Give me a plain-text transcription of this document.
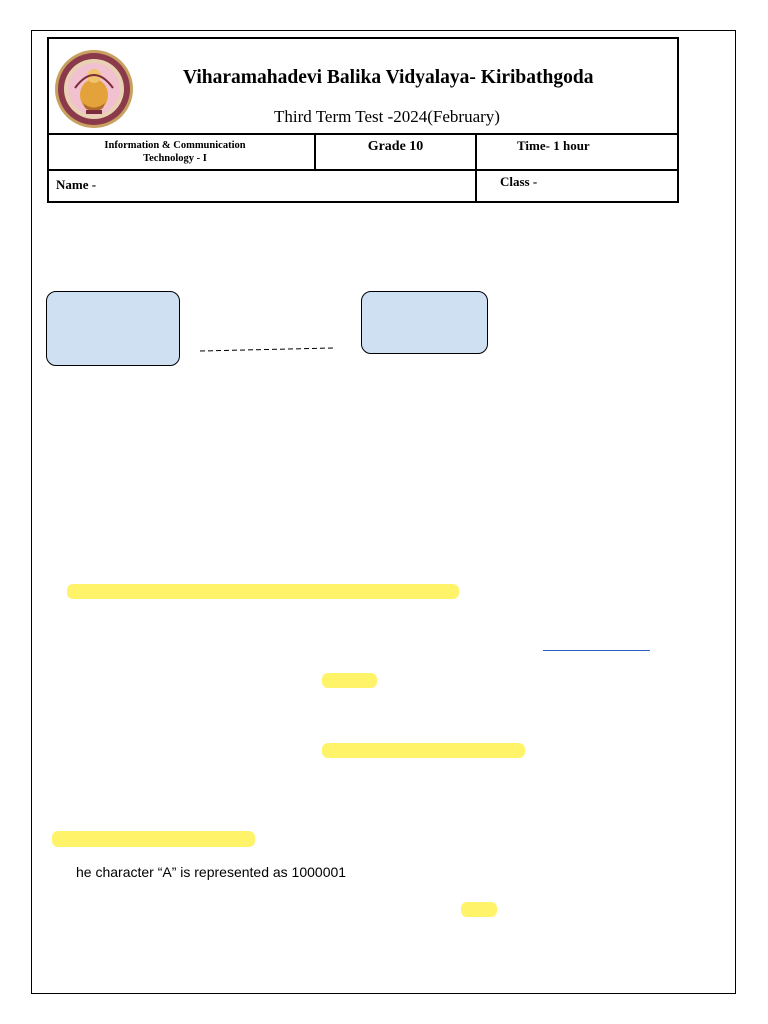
Viharamahadevi Balika Vidyalaya- Kiribathgoda
Third Term Test -2024(February)
Information & Communication
Technology - I
Grade 10	Time- 1 hour
Name -	Class -
he character “A” is represented as 1000001
